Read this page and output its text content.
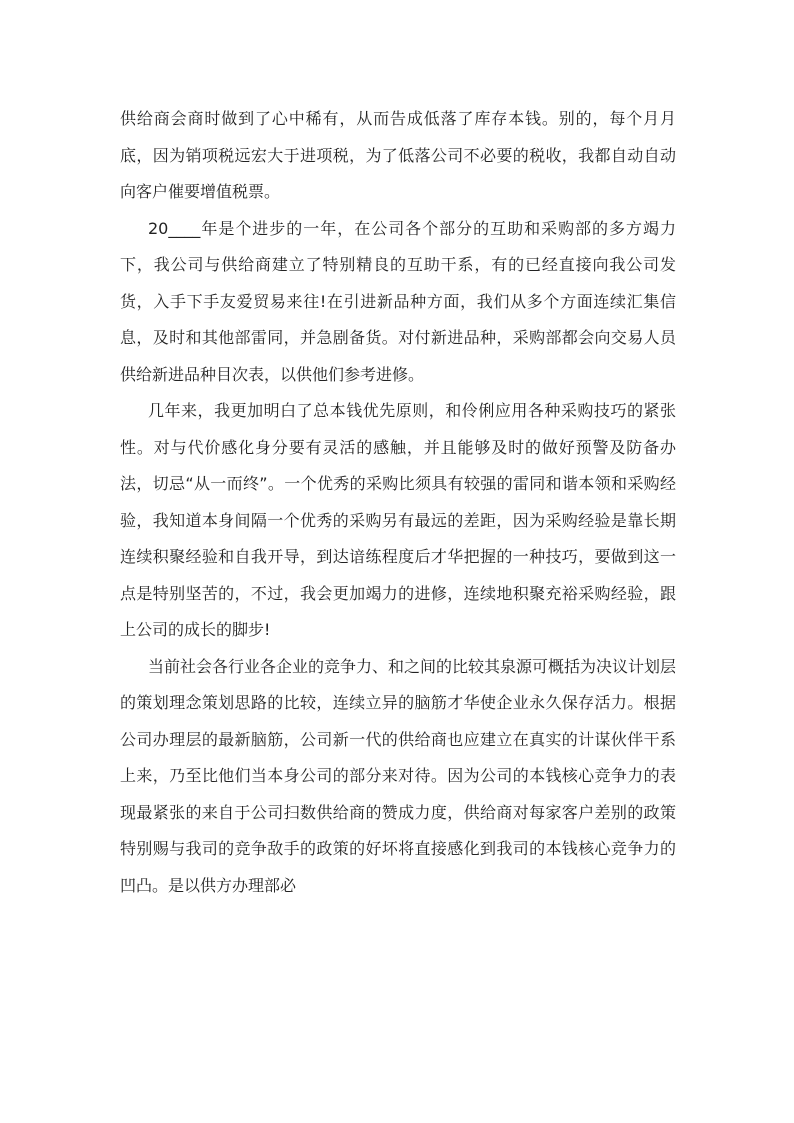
供给商会商时做到了心中稀有，从而告成低落了库存本钱。别的，每个月月底，因为销项税远宏大于进项税，为了低落公司不必要的税收，我都自动自动向客户催要增值税票。

20____年是个进步的一年，在公司各个部分的互助和采购部的多方竭力下，我公司与供给商建立了特别精良的互助干系，有的已经直接向我公司发货，入手下手友爱贸易来往!在引进新品种方面，我们从多个方面连续汇集信息，及时和其他部雷同，并急剧备货。对付新进品种，采购部都会向交易人员供给新进品种目次表，以供他们参考进修。

几年来，我更加明白了总本钱优先原则，和伶俐应用各种采购技巧的紧张性。对与代价感化身分要有灵活的感触，并且能够及时的做好预警及防备办法，切忌“从一而终”。一个优秀的采购比须具有较强的雷同和谐本领和采购经验，我知道本身间隔一个优秀的采购另有最远的差距，因为采购经验是靠长期连续积聚经验和自我开导，到达谙练程度后才华把握的一种技巧，要做到这一点是特别坚苦的，不过，我会更加竭力的进修，连续地积聚充裕采购经验，跟上公司的成长的脚步!

当前社会各行业各企业的竞争力、和之间的比较其泉源可概括为决议计划层的策划理念策划思路的比较，连续立异的脑筋才华使企业永久保存活力。根据公司办理层的最新脑筋，公司新一代的供给商也应建立在真实的计谋伙伴干系上来，乃至比他们当本身公司的部分来对待。因为公司的本钱核心竞争力的表现最紧张的来自于公司扫数供给商的赞成力度，供给商对每家客户差别的政策特别赐与我司的竞争敌手的政策的好坏将直接感化到我司的本钱核心竞争力的凹凸。是以供方办理部必
